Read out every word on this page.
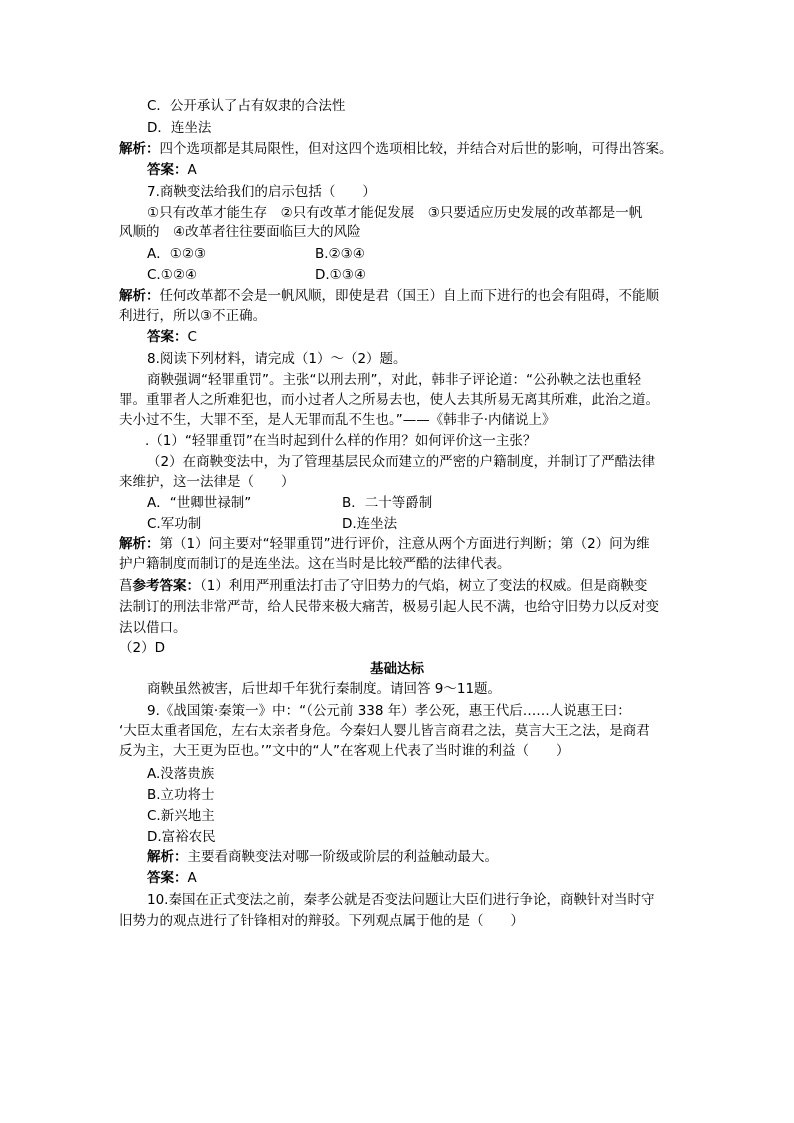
C．公开承认了占有奴隶的合法性
D．连坐法
解析：四个选项都是其局限性，但对这四个选项相比较，并结合对后世的影响，可得出答案。
答案：A
7.商鞅变法给我们的启示包括（　　）
①只有改革才能生存　②只有改革才能促发展　③只要适应历史发展的改革都是一帆
风顺的　④改革者往往要面临巨大的风险
A．①②③	B.②③④
C.①②④	D.①③④
解析：任何改革都不会是一帆风顺，即使是君（国王）自上而下进行的也会有阻碍，不能顺
利进行，所以③不正确。
答案：C
8.阅读下列材料，请完成（1）～（2）题。
商鞅强调“轻罪重罚”。主张“以刑去刑”，对此，韩非子评论道：“公孙鞅之法也重轻
罪。重罪者人之所难犯也，而小过者人之所易去也，使人去其所易无离其所难，此治之道。
夫小过不生，大罪不至，是人无罪而乱不生也。”——《韩非子·内储说上》
.（1）“轻罪重罚”在当时起到什么样的作用？如何评价这一主张？
（2）在商鞅变法中，为了管理基层民众而建立的严密的户籍制度，并制订了严酷法律
来维护，这一法律是（　　）
A．“世卿世禄制”	B．二十等爵制
C.军功制	D.连坐法
解析：第（1）问主要对“轻罪重罚”进行评价，注意从两个方面进行判断；第（2）问为维
护户籍制度而制订的是连坐法。这在当时是比较严酷的法律代表。
菖参考答案：（1）利用严刑重法打击了守旧势力的气焰，树立了变法的权威。但是商鞅变
法制订的刑法非常严苛，给人民带来极大痛苦，极易引起人民不满，也给守旧势力以反对变
法以借口。
（2）D
基础达标
商鞅虽然被害，后世却千年犹行秦制度。请回答 9～11题。
9.《战国策·秦策一》中：“（公元前 338 年）孝公死，惠王代后……人说惠王曰：
‘大臣太重者国危，左右太亲者身危。今秦妇人婴儿皆言商君之法，莫言大王之法，是商君
反为主，大王更为臣也。’”文中的“人”在客观上代表了当时谁的利益（　　）
A.没落贵族
B.立功将士
C.新兴地主
D.富裕农民
解析：主要看商鞅变法对哪一阶级或阶层的利益触动最大。
答案：A
10.秦国在正式变法之前，秦孝公就是否变法问题让大臣们进行争论，商鞅针对当时守
旧势力的观点进行了针锋相对的辩驳。下列观点属于他的是（　　）
